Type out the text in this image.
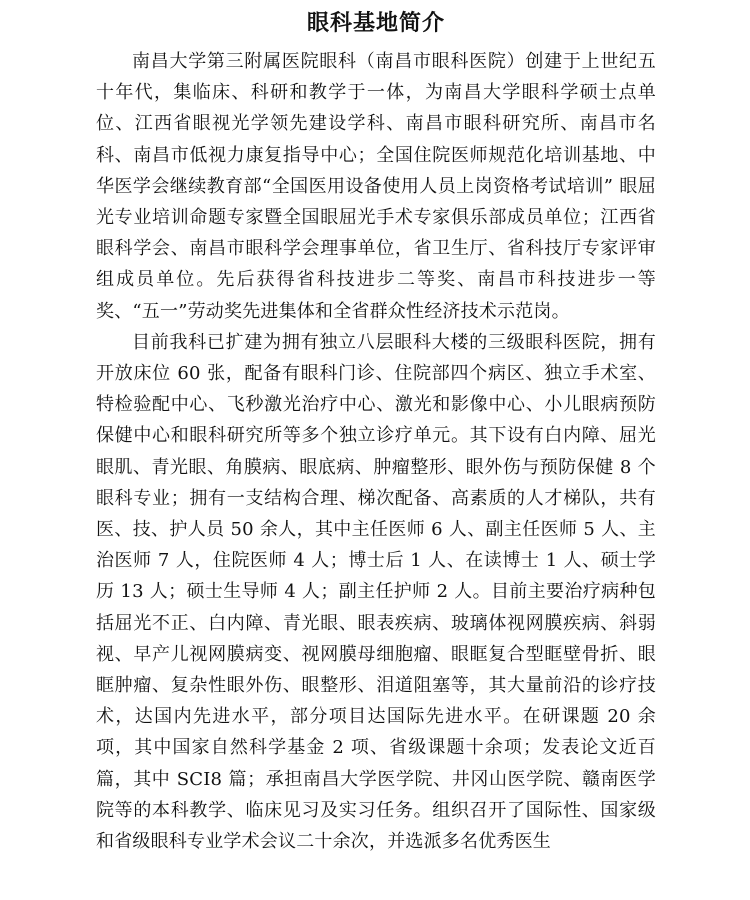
眼科基地简介

南昌大学第三附属医院眼科（南昌市眼科医院）创建于上世纪五十年代，集临床、科研和教学于一体，为南昌大学眼科学硕士点单位、江西省眼视光学领先建设学科、南昌市眼科研究所、南昌市名科、南昌市低视力康复指导中心；全国住院医师规范化培训基地、中华医学会继续教育部“全国医用设备使用人员上岗资格考试培训” 眼屈光专业培训命题专家暨全国眼屈光手术专家俱乐部成员单位；江西省眼科学会、南昌市眼科学会理事单位，省卫生厅、省科技厅专家评审组成员单位。先后获得省科技进步二等奖、南昌市科技进步一等奖、“五一”劳动奖先进集体和全省群众性经济技术示范岗。

目前我科已扩建为拥有独立八层眼科大楼的三级眼科医院，拥有开放床位 60 张，配备有眼科门诊、住院部四个病区、独立手术室、特检验配中心、飞秒激光治疗中心、激光和影像中心、小儿眼病预防保健中心和眼科研究所等多个独立诊疗单元。其下设有白内障、屈光眼肌、青光眼、角膜病、眼底病、肿瘤整形、眼外伤与预防保健 8 个眼科专业；拥有一支结构合理、梯次配备、高素质的人才梯队，共有医、技、护人员 50 余人，其中主任医师 6 人、副主任医师 5 人、主治医师 7 人，住院医师 4 人；博士后 1 人、在读博士 1 人、硕士学历 13 人；硕士生导师 4 人；副主任护师 2 人。目前主要治疗病种包括屈光不正、白内障、青光眼、眼表疾病、玻璃体视网膜疾病、斜弱视、早产儿视网膜病变、视网膜母细胞瘤、眼眶复合型眶壁骨折、眼眶肿瘤、复杂性眼外伤、眼整形、泪道阻塞等，其大量前沿的诊疗技术，达国内先进水平，部分项目达国际先进水平。在研课题 20 余项，其中国家自然科学基金 2 项、省级课题十余项；发表论文近百篇，其中 SCI8 篇；承担南昌大学医学院、井冈山医学院、赣南医学院等的本科教学、临床见习及实习任务。组织召开了国际性、国家级和省级眼科专业学术会议二十余次，并选派多名优秀医生
